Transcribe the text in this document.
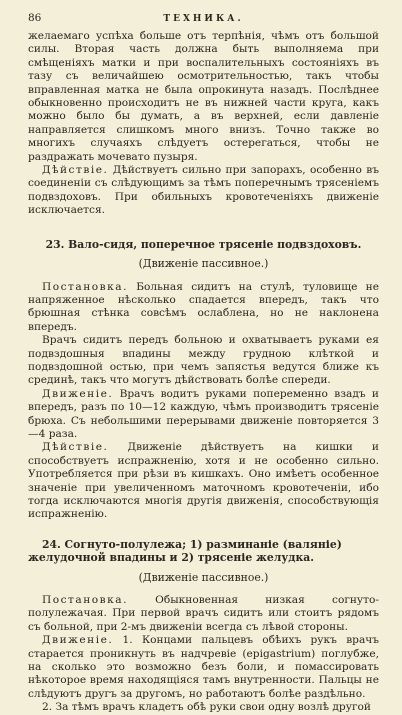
86	ТЕХНИКА.

желаемаго успѣха больше отъ терпѣнія, чѣмъ отъ большой силы. Вторая часть должна быть выполняема при смѣщеніяхъ матки и при воспалительныхъ состояніяхъ въ тазу съ величайшею осмотрительностью, такъ чтобы вправленная матка не была опрокинута назадъ. Послѣднее обыкновенно происходитъ не въ нижней части круга, какъ можно было бы думать, а въ верхней, если давленіе направляется слишкомъ много внизъ. Точно также во многихъ случаяхъ слѣдуетъ остерегаться, чтобы не раздражать мочевато пузыря.

Дѣйствіе. Дѣйствуетъ сильно при запорахъ, особенно въ соединеніи съ слѣдующимъ за тѣмъ поперечнымъ трясеніемъ подвздоховъ. При обильныхъ кровотеченіяхъ движеніе исключается.

23. Вало-сидя, поперечное трясеніе подвздоховъ.
(Движеніе пассивное.)

Постановка. Больная сидитъ на стулѣ, туловище не напряженное нѣсколько спадается впередъ, такъ что брюшная стѣнка совсѣмъ ослаблена, но не наклонена впередъ.

Врачъ сидитъ передъ больною и охватываетъ руками ея подвздошныя впадины между грудною клѣткой и подвздошной остью, при чемъ запястья ведутся ближе къ срединѣ, такъ что могутъ дѣйствовать болѣе спереди.

Движеніе. Врачъ водитъ руками попеременно взадъ и впередъ, разъ по 10—12 каждую, чѣмъ производитъ трясеніе брюха. Съ небольшими перерывами движеніе повторяется 3—4 раза.

Дѣйствіе. Движеніе дѣйствуетъ на кишки и способствуетъ испражненію, хотя и не особенно сильно. Употребляется при рѣзи въ кишкахъ. Оно имѣетъ особенное значеніе при увеличенномъ маточномъ кровотеченіи, ибо тогда исключаются многія другія движенія, способствующія испражненію.

24. Согнуто-полулежа; 1) разминаніе (валяніе) желудочной впадины и 2) трясеніе желудка.
(Движеніе пассивное.)

Постановка. Обыкновенная низкая согнуто-полулежачая. При первой врачъ сидитъ или стоитъ рядомъ съ больной, при 2-мъ движеніи всегда съ лѣвой стороны.

Движеніе. 1. Концами пальцевъ обѣихъ рукъ врачъ старается проникнуть въ надчревіе (epigastrium) поглубже, на сколько это возможно безъ боли, и помассировать нѣкоторое время находящіяся тамъ внутренности. Пальцы не слѣдуютъ другъ за другомъ, но работаютъ болѣе раздѣльно.

2. За тѣмъ врачъ кладетъ обѣ руки свои одну возлѣ другой
